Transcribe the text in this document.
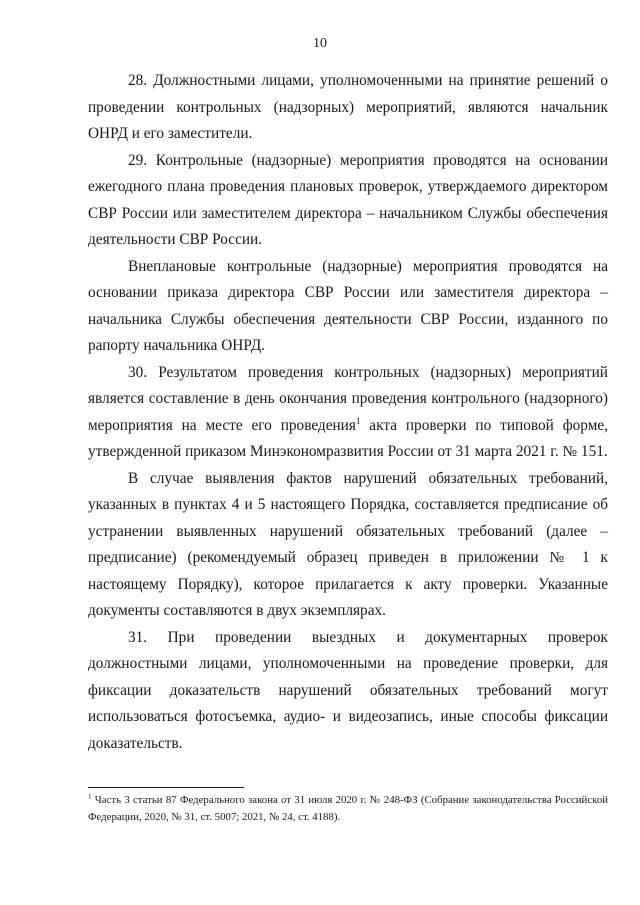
10

28. Должностными лицами, уполномоченными на принятие решений о проведении контрольных (надзорных) мероприятий, являются начальник ОНРД и его заместители.

29. Контрольные (надзорные) мероприятия проводятся на основании ежегодного плана проведения плановых проверок, утверждаемого директором СВР России или заместителем директора – начальником Службы обеспечения деятельности СВР России.

Внеплановые контрольные (надзорные) мероприятия проводятся на основании приказа директора СВР России или заместителя директора – начальника Службы обеспечения деятельности СВР России, изданного по рапорту начальника ОНРД.

30. Результатом проведения контрольных (надзорных) мероприятий является составление в день окончания проведения контрольного (надзорного) мероприятия на месте его проведения$^1$ акта проверки по типовой форме, утвержденной приказом Минэкономразвития России от 31 марта 2021 г. № 151.

В случае выявления фактов нарушений обязательных требований, указанных в пунктах 4 и 5 настоящего Порядка, составляется предписание об устранении выявленных нарушений обязательных требований (далее – предписание) (рекомендуемый образец приведен в приложении № 1 к настоящему Порядку), которое прилагается к акту проверки. Указанные документы составляются в двух экземплярах.

31. При проведении выездных и документарных проверок должностными лицами, уполномоченными на проведение проверки, для фиксации доказательств нарушений обязательных требований могут использоваться фотосъемка, аудио- и видеозапись, иные способы фиксации доказательств.

$^1$ Часть 3 статьи 87 Федерального закона от 31 июля 2020 г. № 248-ФЗ (Собрание законодательства Российской Федерации, 2020, № 31, ст. 5007; 2021, № 24, ст. 4188).
